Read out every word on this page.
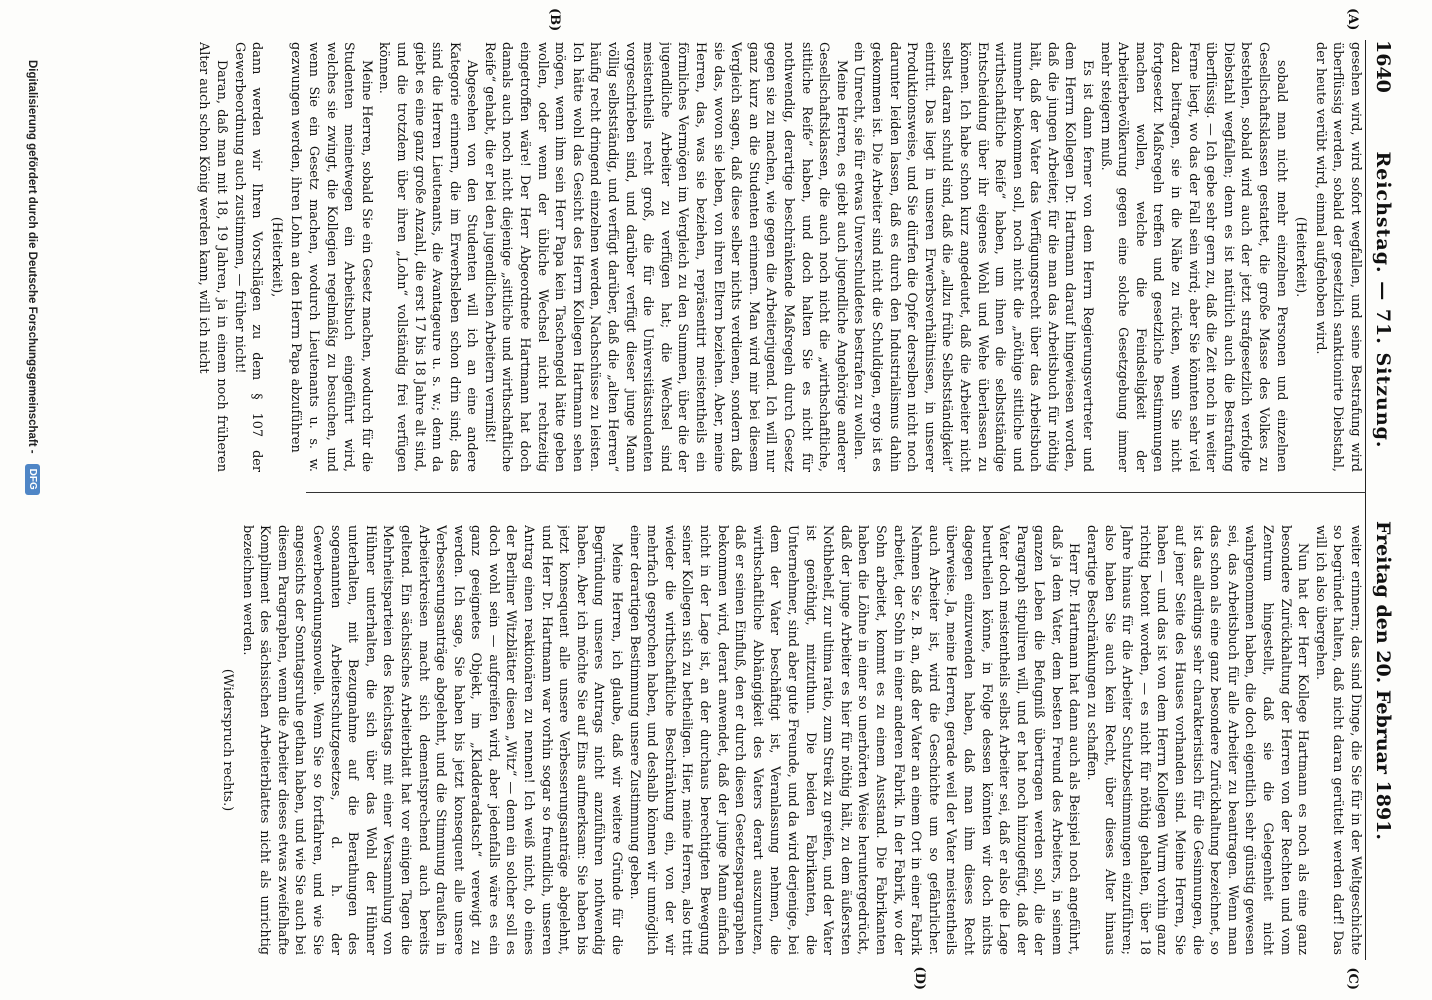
1640
Reichstag. — 71. Sitzung.
Freitag den 20. Februar 1891.
(A)
(B)
(C)
(D)

gesehen wird, wird sofort wegfallen, und seine Bestrafung wird überflüssig werden, sobald der gesetzlich sanktionirte Diebstahl, der heute verübt wird, einmal aufgehoben wird.

(Heiterkeit).

sobald man nicht mehr einzelnen Personen und einzelnen Gesellschaftsklassen gestattet, die große Masse des Volkes zu bestehlen, sobald wird auch der jetzt strafgesetzlich verfolgte Diebstahl wegfallen; denn es ist natürlich auch die Bestrafung überflüssig. — Ich gebe sehr gern zu, daß die Zeit noch in weiter Ferne liegt, wo das der Fall sein wird; aber Sie könnten sehr viel dazu beitragen, sie in die Nähe zu rücken, wenn Sie nicht fortgesetzt Maßregeln treffen und gesetzliche Bestimmungen machen wollen, welche die Feindseligkeit der Arbeiterbevölkerung gegen eine solche Gesetzgebung immer mehr steigern muß.

Es ist dann ferner von dem Herrn Regierungsvertreter und dem Herrn Kollegen Dr. Hartmann darauf hingewiesen worden, daß die jungen Arbeiter, für die man das Arbeitsbuch für nöthig hält, daß der Vater das Verfügungsrecht über das Arbeitsbuch nunmehr bekommen soll, noch nicht die „nöthige sittliche und wirthschaftliche Reife“ haben, um ihnen die selbstständige Entscheidung über ihr eigenes Wohl und Wehe überlassen zu können. Ich habe schon kurz angedeutet, daß die Arbeiter nicht selbst daran schuld sind, daß die „allzu frühe Selbstständigkeit“ eintritt. Das liegt in unseren Erwerbsverhältnissen, in unserer Produktionsweise, und Sie dürfen die Opfer derselben nicht noch darunter leiden lassen, daß es durch den Industrialismus dahin gekommen ist. Die Arbeiter sind nicht die Schuldigen, ergo ist es ein Unrecht, sie für etwas Unverschuldetes bestrafen zu wollen.

Meine Herren, es giebt auch jugendliche Angehörige anderer Gesellschaftsklassen, die auch noch nicht die „wirthschaftliche, sittliche Reife“ haben, und doch halten Sie es nicht für nothwendig, derartige beschränkende Maßregeln durch Gesetz gegen sie zu machen, wie gegen die Arbeiterjugend. Ich will nur ganz kurz an die Studenten erinnern. Man wird mir bei diesem Vergleich sagen, daß diese selber nichts verdienen, sondern daß sie das, wovon sie leben, von ihren Eltern beziehen. Aber, meine Herren, das, was sie beziehen, repräsentirt meistentheils ein förmliches Vermögen im Vergleich zu den Summen, über die der jugendliche Arbeiter zu verfügen hat; die Wechsel sind meistentheils recht groß, die für die Universitätsstudenten vorgeschrieben sind, und darüber verfügt dieser junge Mann völlig selbstständig, und verfügt darüber, daß die „alten Herren“ häufig recht dringend einzelnen werden, Nachschüsse zu leisten. Ich hätte wohl das Gesicht des Herrn Kollegen Hartmann sehen mögen, wenn ihm sein Herr Papa kein Taschengeld hätte geben wollen, oder wenn der übliche Wechsel nicht rechtzeitig eingetroffen wäre! Der Herr Abgeordnete Hartmann hat doch damals auch noch nicht diejenige „sittliche und wirthschaftliche Reife“ gehabt, die er bei den jugendlichen Arbeitern vermißt!

Abgesehen von den Studenten will ich an eine andere Kategorie erinnern, die im Erwerbsleben schon drin sind; das sind die Herren Lieutenants, die Avantageure u. s. w.; denn da giebt es eine ganz große Anzahl, die erst 17 bis 18 Jahre alt sind, und die trotzdem über ihren „Lohn“ vollständig frei verfügen können.

Meine Herren, sobald Sie ein Gesetz machen, wodurch für die Studenten meinetwegen ein Arbeitsbuch eingeführt wird, welches sie zwingt, die Kollegien regelmäßig zu besuchen, und wenn Sie ein Gesetz machen, wodurch Lieutenants u. s. w. gezwungen werden, ihren Lohn an den Herrn Papa abzuführen

(Heiterkeit),

dann werden wir Ihren Vorschlägen zu dem § 107 der Gewerbeordnung auch zustimmen, — früher nicht!

Daran, daß man mit 18, 19 Jahren, ja in einem noch früheren Alter auch schon König werden kann, will ich nicht

weiter erinnern; das sind Dinge, die Sie für in der Weltgeschichte so begründet halten, daß nicht daran gerüttelt werden darf! Das will ich also übergehen.

Nun hat der Herr Kollege Hartmann es noch als eine ganz besondere Zurückhaltung der Herren von der Rechten und vom Zentrum hingestellt, daß sie die Gelegenheit nicht wahrgenommen haben, die doch eigentlich sehr günstig gewesen sei, das Arbeitsbuch für alle Arbeiter zu beantragen. Wenn man das schon als eine ganz besondere Zurückhaltung bezeichnet, so ist das allerdings sehr charakteristisch für die Gesinnungen, die auf jener Seite des Hauses vorhanden sind. Meine Herren, Sie haben — und das ist von dem Herrn Kollegen Wurm vorhin ganz richtig betont worden, — es nicht für nöthig gehalten, über 18 Jahre hinaus für die Arbeiter Schutzbestimmungen einzuführen; also haben Sie auch kein Recht, über dieses Alter hinaus derartige Beschränkungen zu schaffen.

Herr Dr. Hartmann hat dann auch als Beispiel noch angeführt, daß ja dem Vater, dem besten Freund des Arbeiters, in seinem ganzen Leben die Befugniß übertragen werden soll, die der Paragraph stipuliren will, und er hat noch hinzugefügt, daß der Vater doch meistentheils selbst Arbeiter sei, daß er also die Lage beurtheilen könne, in Folge dessen könnten wir doch nichts dagegen einzuwenden haben, daß man ihm dieses Recht überweise. Ja, meine Herren, gerade weil der Vater meistentheils auch Arbeiter ist, wird die Geschichte um so gefährlicher. Nehmen Sie z. B. an, daß der Vater an einem Ort in einer Fabrik arbeitet, der Sohn in einer anderen Fabrik. In der Fabrik, wo der Sohn arbeitet, kommt es zu einem Ausstand. Die Fabrikanten haben die Löhne in einer so unerhörten Weise heruntergedrückt, daß der junge Arbeiter es hier für nöthig hält, zu dem äußersten Nothbehelf, zur ultima ratio, zum Streik zu greifen, und der Vater ist genöthigt, mitzuthun. Die beiden Fabrikanten, die Unternehmer, sind aber gute Freunde, und da wird derjenige, bei dem der Vater beschäftigt ist, Veranlassung nehmen, die wirthschaftliche Abhängigkeit des Vaters derart auszunutzen, daß er seinen Einfluß, den er durch diesen Gesetzesparagraphen bekommen wird, derart anwendet, daß der junge Mann einfach nicht in der Lage ist, an der durchaus berechtigten Bewegung seiner Kollegen sich zu betheiligen. Hier, meine Herren, also tritt wieder die wirthschaftliche Beschränkung ein, von der wir mehrfach gesprochen haben, und deshalb können wir unmöglich einer derartigen Bestimmung unsere Zustimmung geben.

Meine Herren, ich glaube, daß wir weitere Gründe für die Begründung unseres Antrags nicht anzuführen nothwendig haben. Aber ich möchte Sie auf Eins aufmerksam: Sie haben bis jetzt konsequent alle unsere Verbesserungsanträge abgelehnt, und Herr Dr. Hartmann war vorhin sogar so freundlich, unseren Antrag einen reaktionären zu nennen! Ich weiß nicht, ob eines der Berliner Witzblätter diesen „Witz“ — denn ein solcher soll es doch wohl sein — aufgreifen wird, aber jedenfalls wäre es ein ganz geeignetes Objekt, im „Kladderadatsch“ verewigt zu werden. Ich sage, Sie haben bis jetzt konsequent alle unsere Verbesserungsanträge abgelehnt, und die Stimmung draußen in Arbeiterkreisen macht sich dementsprechend auch bereits geltend. Ein sächsisches Arbeiterblatt hat vor einigen Tagen die Mehrheitsparteien des Reichstags mit einer Versammlung von Hühner unterhalten, die sich über das Wohl der Hühner unterhalten, mit Bezugnahme auf die Berathungen des sogenannten Arbeiterschutzgesetzes, d. h. der Gewerbeordnungsnovelle. Wenn Sie so fortfahren, und wie Sie angesichts der Sonntagsruhe gethan haben, und wie Sie auch bei diesem Paragraphen, wenn die Arbeiter dieses etwas zweifelhafte Kompliment des sächsischen Arbeiterblattes nicht als unrichtig bezeichnen werden.

(Widerspruch rechts.)

Digitalisierung gefördert durch die Deutsche Forschungsgemeinschaft -
DFG
